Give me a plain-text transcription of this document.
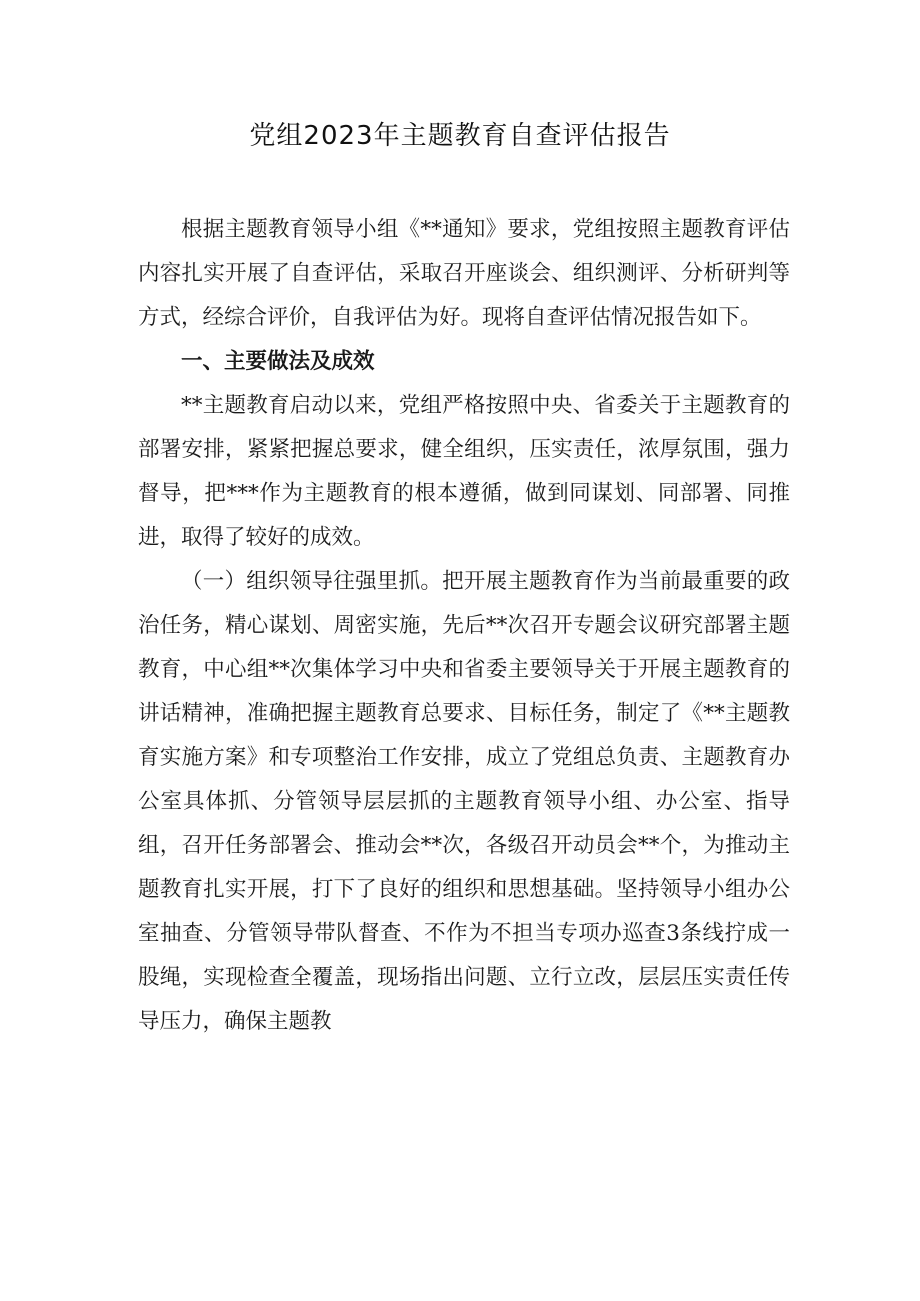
党组2023年主题教育自查评估报告

根据主题教育领导小组《**通知》要求，党组按照主题教育评估内容扎实开展了自查评估，采取召开座谈会、组织测评、分析研判等方式，经综合评价，自我评估为好。现将自查评估情况报告如下。

一、主要做法及成效

**主题教育启动以来，党组严格按照中央、省委关于主题教育的部署安排，紧紧把握总要求，健全组织，压实责任，浓厚氛围，强力督导，把***作为主题教育的根本遵循，做到同谋划、同部署、同推进，取得了较好的成效。

（一）组织领导往强里抓。把开展主题教育作为当前最重要的政治任务，精心谋划、周密实施，先后**次召开专题会议研究部署主题教育，中心组**次集体学习中央和省委主要领导关于开展主题教育的讲话精神，准确把握主题教育总要求、目标任务，制定了《**主题教育实施方案》和专项整治工作安排，成立了党组总负责、主题教育办公室具体抓、分管领导层层抓的主题教育领导小组、办公室、指导组，召开任务部署会、推动会**次，各级召开动员会**个，为推动主题教育扎实开展，打下了良好的组织和思想基础。坚持领导小组办公室抽查、分管领导带队督查、不作为不担当专项办巡查3条线拧成一股绳，实现检查全覆盖，现场指出问题、立行立改，层层压实责任传导压力，确保主题教
